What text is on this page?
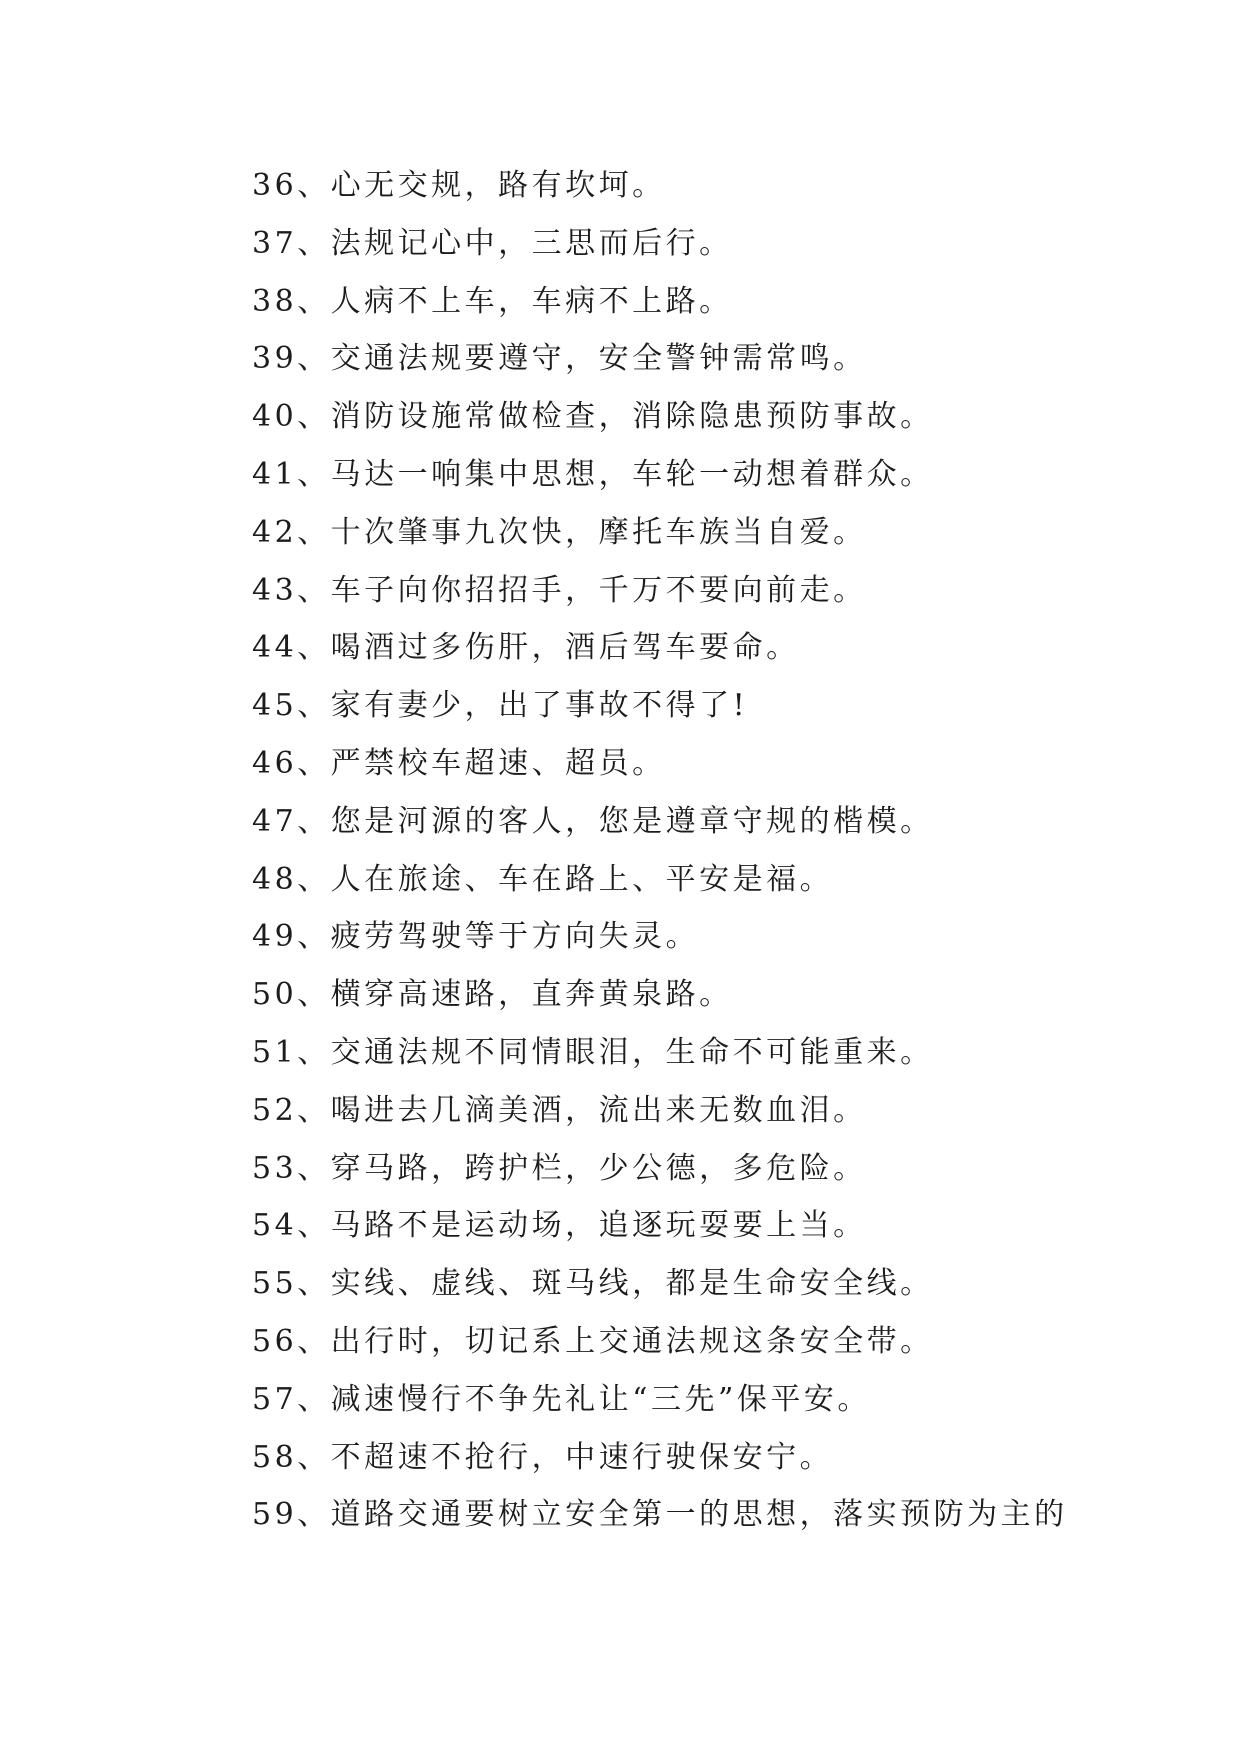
36、心无交规，路有坎坷。
37、法规记心中，三思而后行。
38、人病不上车，车病不上路。
39、交通法规要遵守，安全警钟需常鸣。
40、消防设施常做检查，消除隐患预防事故。
41、马达一响集中思想，车轮一动想着群众。
42、十次肇事九次快，摩托车族当自爱。
43、车子向你招招手，千万不要向前走。
44、喝酒过多伤肝，酒后驾车要命。
45、家有妻少，出了事故不得了!
46、严禁校车超速、超员。
47、您是河源的客人，您是遵章守规的楷模。
48、人在旅途、车在路上、平安是福。
49、疲劳驾驶等于方向失灵。
50、横穿高速路，直奔黄泉路。
51、交通法规不同情眼泪，生命不可能重来。
52、喝进去几滴美酒，流出来无数血泪。
53、穿马路，跨护栏，少公德，多危险。
54、马路不是运动场，追逐玩耍要上当。
55、实线、虚线、斑马线，都是生命安全线。
56、出行时，切记系上交通法规这条安全带。
57、减速慢行不争先礼让“三先”保平安。
58、不超速不抢行，中速行驶保安宁。
59、道路交通要树立安全第一的思想，落实预防为主的
